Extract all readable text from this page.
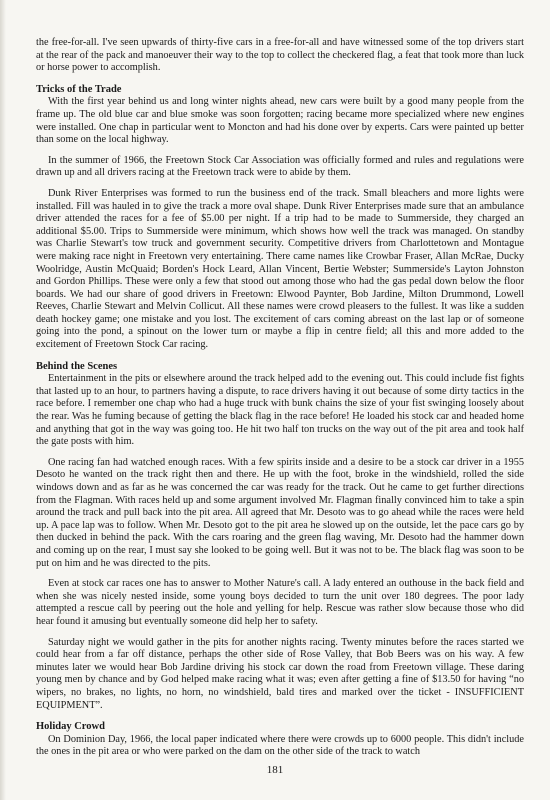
the free-for-all. I've seen upwards of thirty-five cars in a free-for-all and have witnessed some of the top drivers start at the rear of the pack and manoeuver their way to the top to collect the checkered flag, a feat that took more than luck or horse power to accomplish.

Tricks of the Trade

With the first year behind us and long winter nights ahead, new cars were built by a good many people from the frame up. The old blue car and blue smoke was soon forgotten; racing became more specialized where new engines were installed. One chap in particular went to Moncton and had his done over by experts. Cars were painted up better than some on the local highway.

In the summer of 1966, the Freetown Stock Car Association was officially formed and rules and regulations were drawn up and all drivers racing at the Freetown track were to abide by them.

Dunk River Enterprises was formed to run the business end of the track. Small bleachers and more lights were installed. Fill was hauled in to give the track a more oval shape. Dunk River Enterprises made sure that an ambulance driver attended the races for a fee of $5.00 per night. If a trip had to be made to Summerside, they charged an additional $5.00. Trips to Summerside were minimum, which shows how well the track was managed. On standby was Charlie Stewart's tow truck and government security. Competitive drivers from Charlottetown and Montague were making race night in Freetown very entertaining. There came names like Crowbar Fraser, Allan McRae, Ducky Woolridge, Austin McQuaid; Borden's Hock Leard, Allan Vincent, Bertie Webster; Summerside's Layton Johnston and Gordon Phillips. These were only a few that stood out among those who had the gas pedal down below the floor boards. We had our share of good drivers in Freetown: Elwood Paynter, Bob Jardine, Milton Drummond, Lowell Reeves, Charlie Stewart and Melvin Collicut. All these names were crowd pleasers to the fullest. It was like a sudden death hockey game; one mistake and you lost. The excitement of cars coming abreast on the last lap or of someone going into the pond, a spinout on the lower turn or maybe a flip in centre field; all this and more added to the excitement of Freetown Stock Car racing.

Behind the Scenes

Entertainment in the pits or elsewhere around the track helped add to the evening out. This could include fist fights that lasted up to an hour, to partners having a dispute, to race drivers having it out because of some dirty tactics in the race before. I remember one chap who had a huge truck with bunk chains the size of your fist swinging loosely about the rear. Was he fuming because of getting the black flag in the race before! He loaded his stock car and headed home and anything that got in the way was going too. He hit two half ton trucks on the way out of the pit area and took half the gate posts with him.

One racing fan had watched enough races. With a few spirits inside and a desire to be a stock car driver in a 1955 Desoto he wanted on the track right then and there. He up with the foot, broke in the windshield, rolled the side windows down and as far as he was concerned the car was ready for the track. Out he came to get further directions from the Flagman. With races held up and some argument involved Mr. Flagman finally convinced him to take a spin around the track and pull back into the pit area. All agreed that Mr. Desoto was to go ahead while the races were held up. A pace lap was to follow. When Mr. Desoto got to the pit area he slowed up on the outside, let the pace cars go by then ducked in behind the pack. With the cars roaring and the green flag waving, Mr. Desoto had the hammer down and coming up on the rear, I must say she looked to be going well. But it was not to be. The black flag was soon to be put on him and he was directed to the pits.

Even at stock car races one has to answer to Mother Nature's call. A lady entered an outhouse in the back field and when she was nicely nested inside, some young boys decided to turn the unit over 180 degrees. The poor lady attempted a rescue call by peering out the hole and yelling for help. Rescue was rather slow because those who did hear found it amusing but eventually someone did help her to safety.

Saturday night we would gather in the pits for another nights racing. Twenty minutes before the races started we could hear from a far off distance, perhaps the other side of Rose Valley, that Bob Beers was on his way. A few minutes later we would hear Bob Jardine driving his stock car down the road from Freetown village. These daring young men by chance and by God helped make racing what it was; even after getting a fine of $13.50 for having “no wipers, no brakes, no lights, no horn, no windshield, bald tires and marked over the ticket - INSUFFICIENT EQUIPMENT”.

Holiday Crowd

On Dominion Day, 1966, the local paper indicated where there were crowds up to 6000 people. This didn't include the ones in the pit area or who were parked on the dam on the other side of the track to watch

181
